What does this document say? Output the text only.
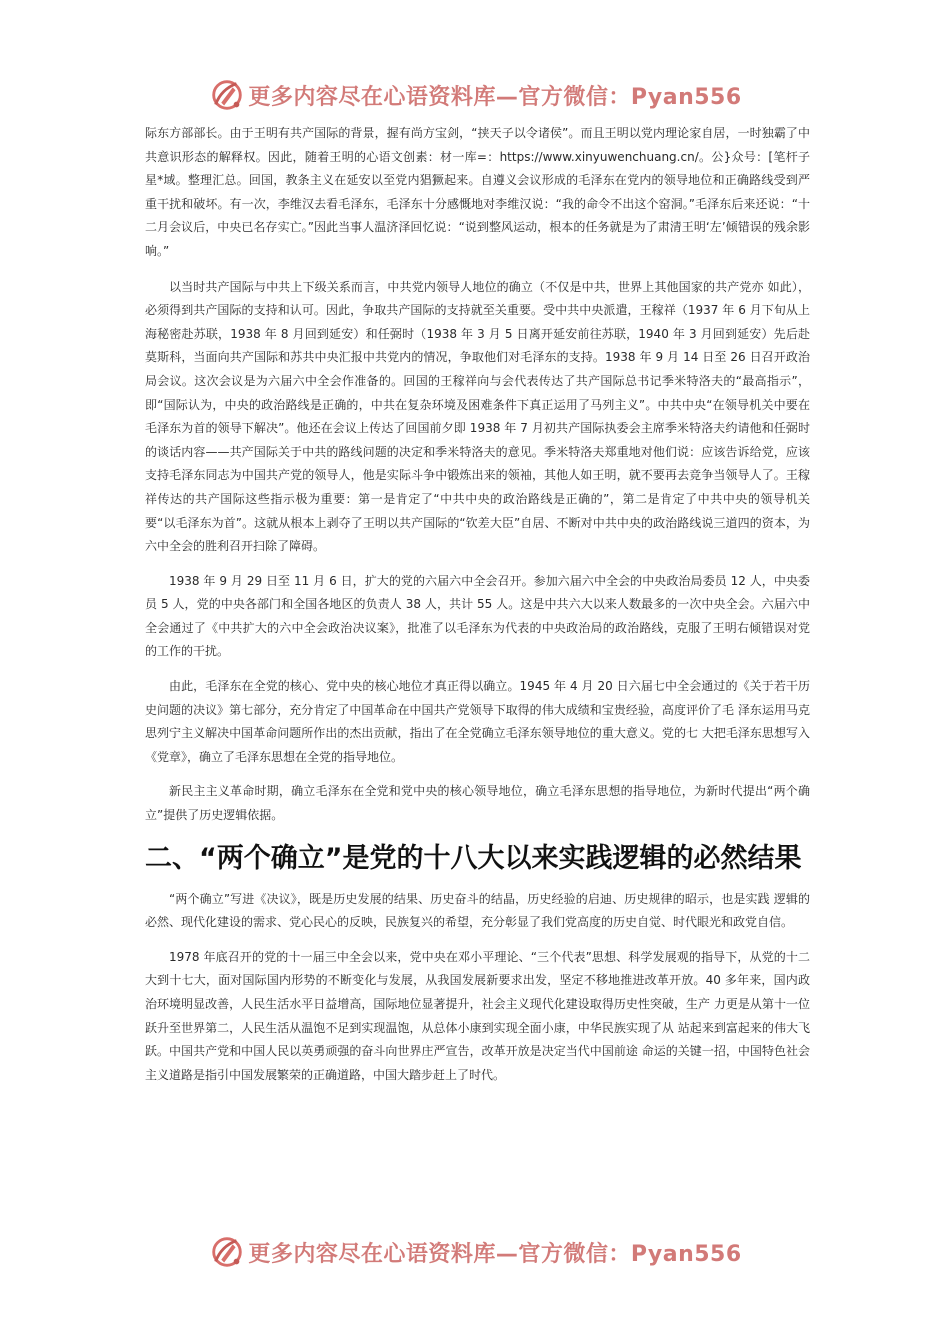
更多内容尽在心语资料库—官方微信：Pyan556

际东方部部长。由于王明有共产国际的背景，握有尚方宝剑，“挟天子以令诸侯”。而且王明以党内理论家自居，一时独霸了中共意识形态的解释权。因此，随着王明的心语文创素：材一库=：https://www.xinyuwenchuang.cn/。公}众号：[笔杆子星*域。整理汇总。回国，教条主义在延安以至党内猖獗起来。自遵义会议形成的毛泽东在党内的领导地位和正确路线受到严重干扰和破坏。有一次，李维汉去看毛泽东，毛泽东十分感慨地对李维汉说：“我的命令不出这个窑洞。”毛泽东后来还说：“十二月会议后，中央已名存实亡。”因此当事人温济泽回忆说：“说到整风运动，根本的任务就是为了肃清王明‘左’倾错误的残余影响。”

以当时共产国际与中共上下级关系而言，中共党内领导人地位的确立（不仅是中共，世界上其他国家的共产党亦 如此），必须得到共产国际的支持和认可。因此，争取共产国际的支持就至关重要。受中共中央派遣，王稼祥（1937 年 6 月下旬从上海秘密赴苏联，1938 年 8 月回到延安）和任弼时（1938 年 3 月 5 日离开延安前往苏联，1940 年 3 月回到延安）先后赴莫斯科，当面向共产国际和苏共中央汇报中共党内的情况，争取他们对毛泽东的支持。1938 年 9 月 14 日至 26 日召开政治局会议。这次会议是为六届六中全会作准备的。回国的王稼祥向与会代表传达了共产国际总书记季米特洛夫的“最高指示”，即“国际认为，中央的政治路线是正确的，中共在复杂环境及困难条件下真正运用了马列主义”。中共中央“在领导机关中要在毛泽东为首的领导下解决”。他还在会议上传达了回国前夕即 1938 年 7 月初共产国际执委会主席季米特洛夫约请他和任弼时的谈话内容——共产国际关于中共的路线问题的决定和季米特洛夫的意见。季米特洛夫郑重地对他们说：应该告诉给党，应该支持毛泽东同志为中国共产党的领导人，他是实际斗争中锻炼出来的领袖，其他人如王明，就不要再去竞争当领导人了。王稼祥传达的共产国际这些指示极为重要：第一是肯定了“中共中央的政治路线是正确的”，第二是肯定了中共中央的领导机关要“以毛泽东为首”。这就从根本上剥夺了王明以共产国际的“钦差大臣”自居、不断对中共中央的政治路线说三道四的资本，为六中全会的胜利召开扫除了障碍。

1938 年 9 月 29 日至 11 月 6 日，扩大的党的六届六中全会召开。参加六届六中全会的中央政治局委员 12 人，中央委员 5 人，党的中央各部门和全国各地区的负责人 38 人，共计 55 人。这是中共六大以来人数最多的一次中央全会。六届六中全会通过了《中共扩大的六中全会政治决议案》，批准了以毛泽东为代表的中央政治局的政治路线，克服了王明右倾错误对党的工作的干扰。

由此，毛泽东在全党的核心、党中央的核心地位才真正得以确立。1945 年 4 月 20 日六届七中全会通过的《关于若干历史问题的决议》第七部分，充分肯定了中国革命在中国共产党领导下取得的伟大成绩和宝贵经验，高度评价了毛 泽东运用马克思列宁主义解决中国革命问题所作出的杰出贡献，指出了在全党确立毛泽东领导地位的重大意义。党的七 大把毛泽东思想写入《党章》，确立了毛泽东思想在全党的指导地位。

新民主主义革命时期，确立毛泽东在全党和党中央的核心领导地位，确立毛泽东思想的指导地位，为新时代提出“两个确立”提供了历史逻辑依据。

二、“两个确立”是党的十八大以来实践逻辑的必然结果

“两个确立”写进《决议》，既是历史发展的结果、历史奋斗的结晶，历史经验的启迪、历史规律的昭示，也是实践 逻辑的必然、现代化建设的需求、党心民心的反映，民族复兴的希望，充分彰显了我们党高度的历史自觉、时代眼光和政党自信。

1978 年底召开的党的十一届三中全会以来，党中央在邓小平理论、“三个代表”思想、科学发展观的指导下，从党的十二大到十七大，面对国际国内形势的不断变化与发展，从我国发展新要求出发，坚定不移地推进改革开放。40 多年来，国内政治环境明显改善，人民生活水平日益增高，国际地位显著提升，社会主义现代化建设取得历史性突破，生产 力更是从第十一位跃升至世界第二，人民生活从温饱不足到实现温饱，从总体小康到实现全面小康，中华民族实现了从 站起来到富起来的伟大飞跃。中国共产党和中国人民以英勇顽强的奋斗向世界庄严宣告，改革开放是决定当代中国前途 命运的关键一招，中国特色社会主义道路是指引中国发展繁荣的正确道路，中国大踏步赶上了时代。

更多内容尽在心语资料库—官方微信：Pyan556
